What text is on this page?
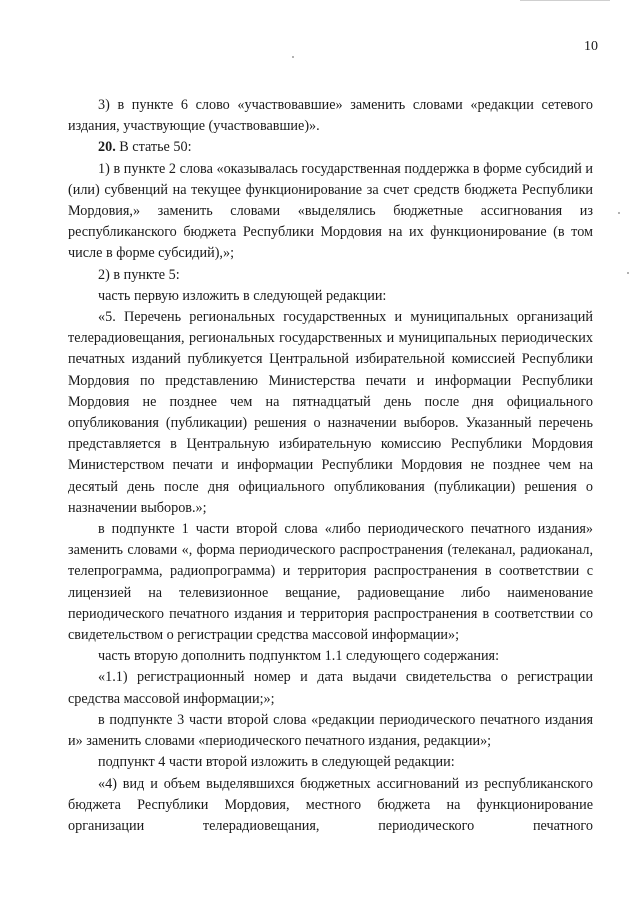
10

3) в пункте 6 слово «участвовавшие» заменить словами «редакции сетевого издания, участвующие (участвовавшие)».

20. В статье 50:

1) в пункте 2 слова «оказывалась государственная поддержка в форме субсидий и (или) субвенций на текущее функционирование за счет средств бюджета Республики Мордовия,» заменить словами «выделялись бюджетные ассигнования из республиканского бюджета Республики Мордовия на их функционирование (в том числе в форме субсидий),»;

2) в пункте 5:

часть первую изложить в следующей редакции:

«5. Перечень региональных государственных и муниципальных организаций телерадиовещания, региональных государственных и муниципальных периодических печатных изданий публикуется Центральной избирательной комиссией Республики Мордовия по представлению Министерства печати и информации Республики Мордовия не позднее чем на пятнадцатый день после дня официального опубликования (публикации) решения о назначении выборов. Указанный перечень представляется в Центральную избирательную комиссию Республики Мордовия Министерством печати и информации Республики Мордовия не позднее чем на десятый день после дня официального опубликования (публикации) решения о назначении выборов.»;

в подпункте 1 части второй слова «либо периодического печатного издания» заменить словами «, форма периодического распространения (телеканал, радиоканал, телепрограмма, радиопрограмма) и территория распространения в соответствии с лицензией на телевизионное вещание, радиовещание либо наименование периодического печатного издания и территория распространения в соответствии со свидетельством о регистрации средства массовой информации»;

часть вторую дополнить подпунктом 1.1 следующего содержания:

«1.1) регистрационный номер и дата выдачи свидетельства о регистрации средства массовой информации;»;

в подпункте 3 части второй слова «редакции периодического печатного издания и» заменить словами «периодического печатного издания, редакции»;

подпункт 4 части второй изложить в следующей редакции:

«4) вид и объем выделявшихся бюджетных ассигнований из республиканского бюджета Республики Мордовия, местного бюджета на функционирование организации телерадиовещания, периодического печатного
